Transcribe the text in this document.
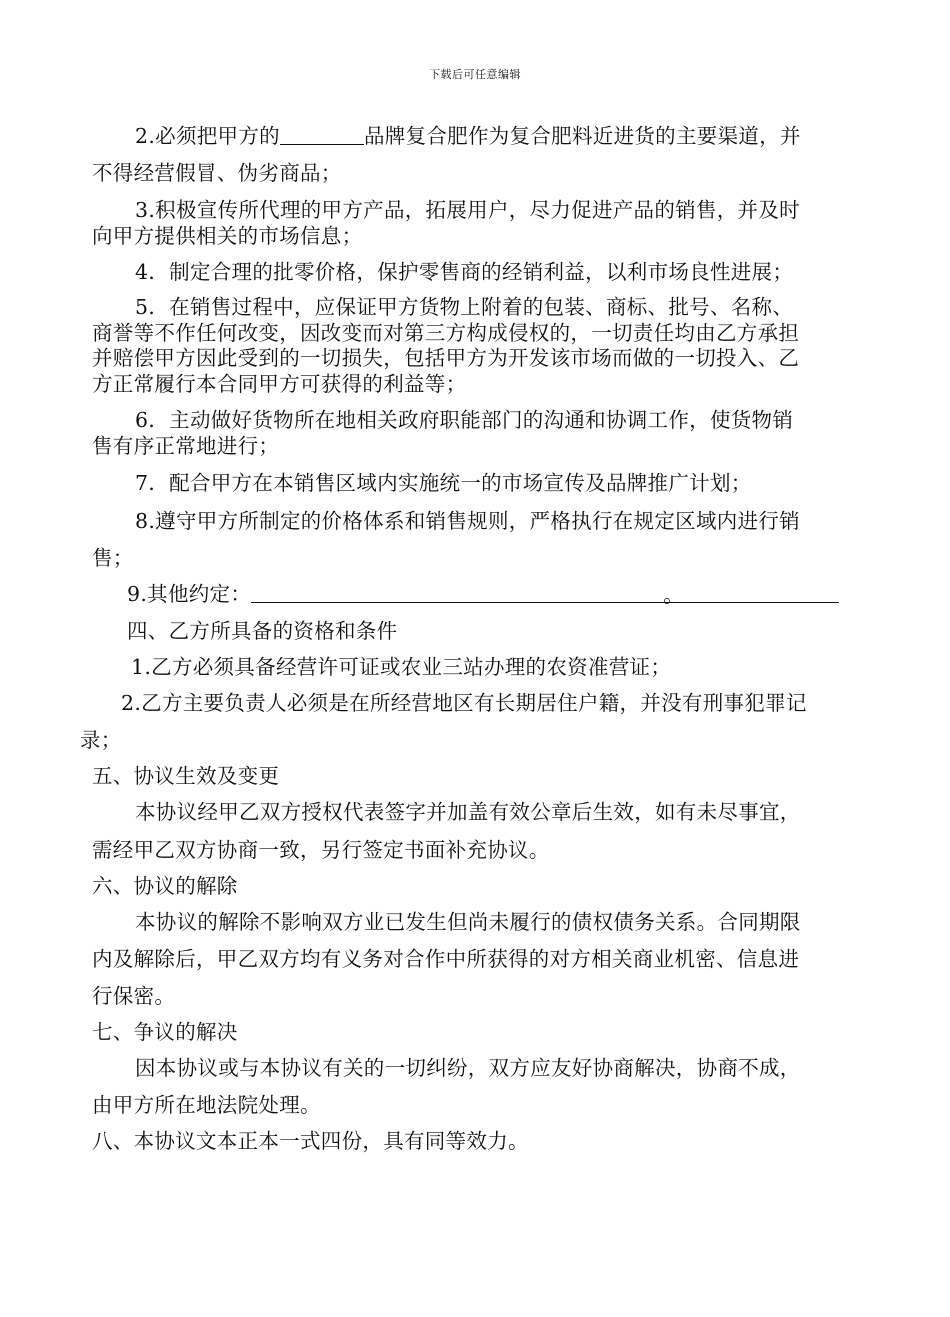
下载后可任意编辑
2.必须把甲方的	品牌复合肥作为复合肥料近进货的主要渠道，并
不得经营假冒、伪劣商品；
3.积极宣传所代理的甲方产品，拓展用户，尽力促进产品的销售，并及时
向甲方提供相关的市场信息；
4．制定合理的批零价格，保护零售商的经销利益，以利市场良性进展；
5．在销售过程中，应保证甲方货物上附着的包装、商标、批号、名称、
商誉等不作任何改变，因改变而对第三方构成侵权的，一切责任均由乙方承担
并赔偿甲方因此受到的一切损失，包括甲方为开发该市场而做的一切投入、乙
方正常履行本合同甲方可获得的利益等；
6．主动做好货物所在地相关政府职能部门的沟通和协调工作，使货物销
售有序正常地进行；
7．配合甲方在本销售区域内实施统一的市场宣传及品牌推广计划；
8.遵守甲方所制定的价格体系和销售规则，严格执行在规定区域内进行销
售；
9.其他约定：	。
四、乙方所具备的资格和条件
1.乙方必须具备经营许可证或农业三站办理的农资准营证；
2.乙方主要负责人必须是在所经营地区有长期居住户籍，并没有刑事犯罪记
录；
五、协议生效及变更
本协议经甲乙双方授权代表签字并加盖有效公章后生效，如有未尽事宜，
需经甲乙双方协商一致，另行签定书面补充协议。
六、协议的解除
本协议的解除不影响双方业已发生但尚未履行的债权债务关系。合同期限
内及解除后，甲乙双方均有义务对合作中所获得的对方相关商业机密、信息进
行保密。
七、争议的解决
因本协议或与本协议有关的一切纠纷，双方应友好协商解决，协商不成，
由甲方所在地法院处理。
八、本协议文本正本一式四份，具有同等效力。
